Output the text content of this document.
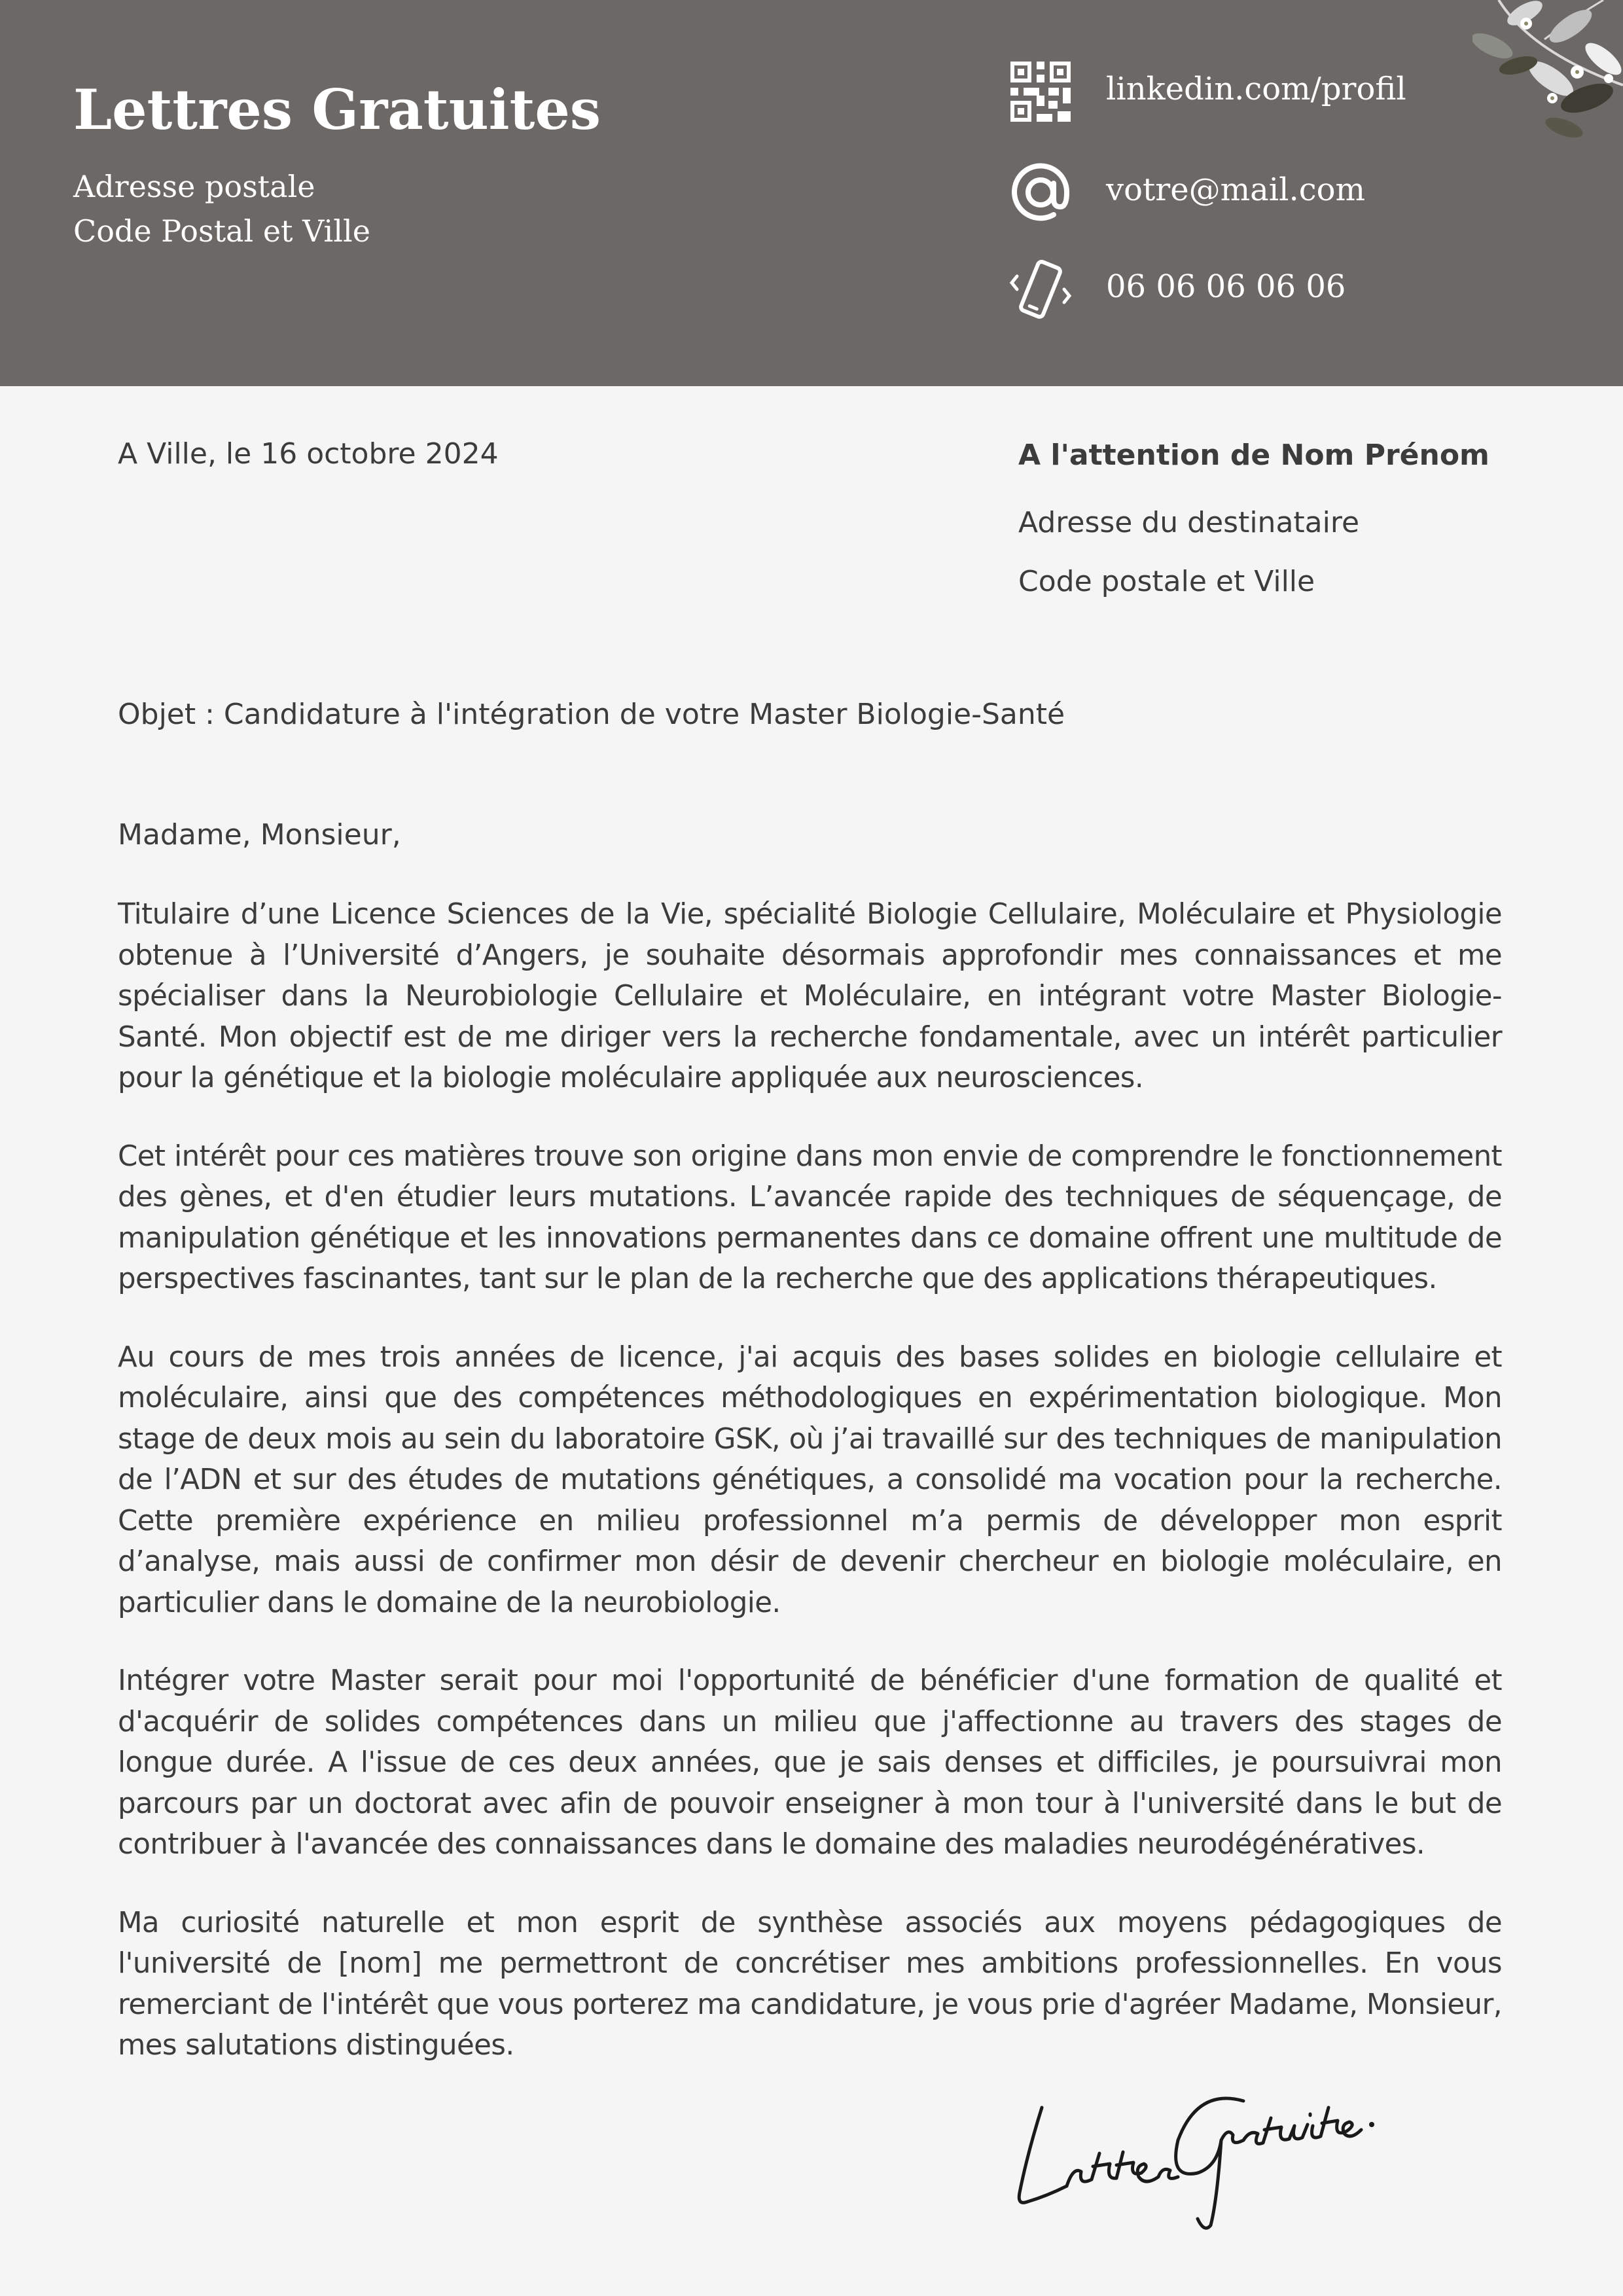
Lettres Gratuites

Adresse postale

Code Postal et Ville

linkedin.com/profil
votre@mail.com
06 06 06 06 06
A Ville, le 16 octobre 2024	A l'attention de Nom Prénom
Adresse du destinataire
Code postale et Ville
Objet : Candidature à l'intégration de votre Master Biologie-Santé
Madame, Monsieur,

Titulaire d’une Licence Sciences de la Vie, spécialité Biologie Cellulaire, Moléculaire et Physiologie obtenue à l’Université d’Angers, je souhaite désormais approfondir mes connaissances et me spécialiser dans la Neurobiologie Cellulaire et Moléculaire, en intégrant votre Master Biologie-Santé. Mon objectif est de me diriger vers la recherche fondamentale, avec un intérêt particulier pour la génétique et la biologie moléculaire appliquée aux neurosciences.

Cet intérêt pour ces matières trouve son origine dans mon envie de comprendre le fonctionnement des gènes, et d'en étudier leurs mutations. L’avancée rapide des techniques de séquençage, de manipulation génétique et les innovations permanentes dans ce domaine offrent une multitude de perspectives fascinantes, tant sur le plan de la recherche que des applications thérapeutiques.

Au cours de mes trois années de licence, j'ai acquis des bases solides en biologie cellulaire et moléculaire, ainsi que des compétences méthodologiques en expérimentation biologique. Mon stage de deux mois au sein du laboratoire GSK, où j’ai travaillé sur des techniques de manipulation de l’ADN et sur des études de mutations génétiques, a consolidé ma vocation pour la recherche. Cette première expérience en milieu professionnel m’a permis de développer mon esprit d’analyse, mais aussi de confirmer mon désir de devenir chercheur en biologie moléculaire, en particulier dans le domaine de la neurobiologie.

Intégrer votre Master serait pour moi l'opportunité de bénéficier d'une formation de qualité et d'acquérir de solides compétences dans un milieu que j'affectionne au travers des stages de longue durée. A l'issue de ces deux années, que je sais denses et difficiles, je poursuivrai mon parcours par un doctorat avec afin de pouvoir enseigner à mon tour à l'université dans le but de contribuer à l'avancée des connaissances dans le domaine des maladies neurodégénératives.

Ma curiosité naturelle et mon esprit de synthèse associés aux moyens pédagogiques de l'université de [nom] me permettront de concrétiser mes ambitions professionnelles. En vous remerciant de l'intérêt que vous porterez ma candidature, je vous prie d'agréer Madame, Monsieur, mes salutations distinguées.
